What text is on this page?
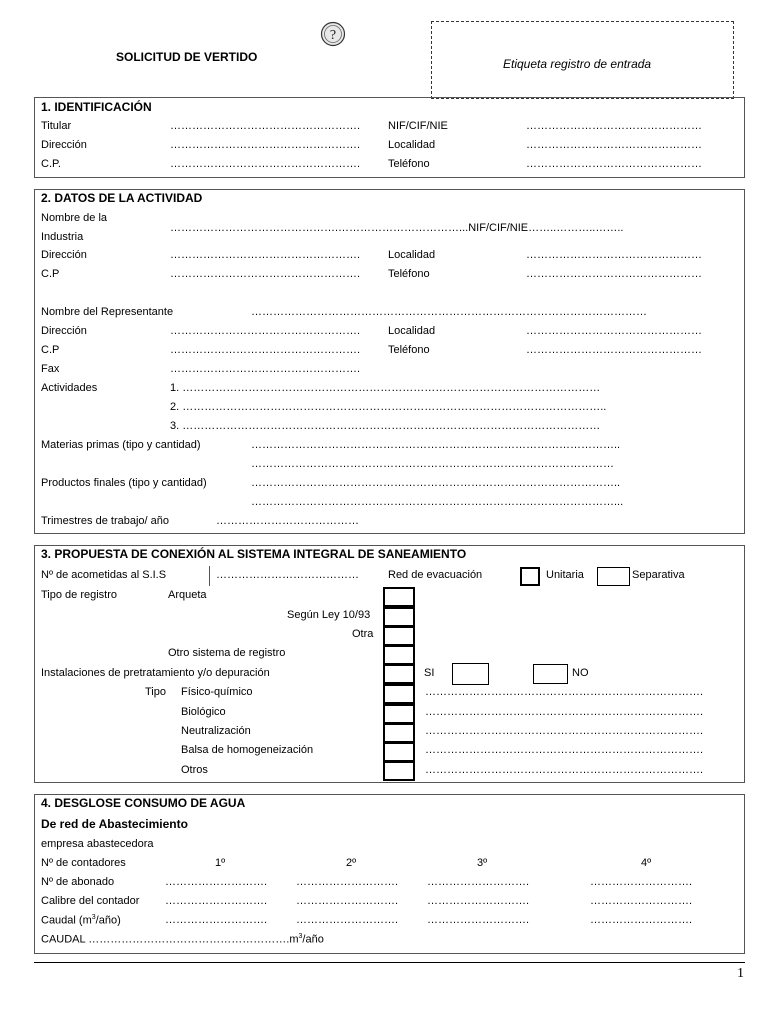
?
SOLICITUD DE VERTIDO	Etiqueta registro de entrada
1. IDENTIFICACIÓN
Titular	…………………………………………….	NIF/CIF/NIE	…………………………………………
Dirección	…………………………………………….	Localidad	…………………………………………
C.P.	…………………………………………….	Teléfono	…………………………………………
2. DATOS DE LA ACTIVIDAD
Nombre de la
Industria
……………………………………….……………………………...NIF/CIF/NIE……..………..……..
Dirección	…………………………………………….	Localidad	…………………………………………
C.P	…………………………………………….	Teléfono	…………………………………………
Nombre del Representante	………………………………………………………………………………………………
Dirección	…………………………………………….	Localidad	…………………………………………
C.P	…………………………………………….	Teléfono	…………………………………………
Fax	…………………………………………….
Actividades	1. ……………………………………………………………………………………………………
2. ……………………………………………………………………………………………………..
3. ……………………………………………………………………………………………………
Materias primas (tipo y cantidad)	………………………………………………………………………………………..
………………………………………………………………………………………
Productos finales (tipo y cantidad)	………………………………………………………………………………………..
………………………………………………………………………………………...
Trimestres de trabajo/ año	…………………………………
3. PROPUESTA DE CONEXIÓN AL SISTEMA INTEGRAL DE SANEAMIENTO
Nº de acometidas al S.I.S	…………………………………	Red de evacuación	Unitaria	Separativa
Tipo de registro	Arqueta
Según Ley 10/93
Otra
Otro sistema de registro
Instalaciones de pretratamiento y/o depuración	SI	NO
Tipo Físico-químico	………………………………………………………………….
Biológico	………………………………………………………………….
Neutralización	………………………………………………………………….
Balsa de homogeneización	………………………………………………………………….
Otros	………………………………………………………………….
4. DESGLOSE CONSUMO DE AGUA
De red de Abastecimiento
empresa abastecedora
Nº de contadores	1º	2º	3º	4º
Nº de abonado	……………………….	……………………….	……………………….	……………………….
Calibre del contador ……………………….	……………………….	……………………….	……………………….
Caudal $(m^3/año)$	……………………….	……………………….	……………………….	……………………….
CAUDAL $\dots\dots\dots\dots\dots\dots\dots\dots\dots\dots\dots\dots\dots\dots\dots\dots\dots\dots.m^3$/año
1
